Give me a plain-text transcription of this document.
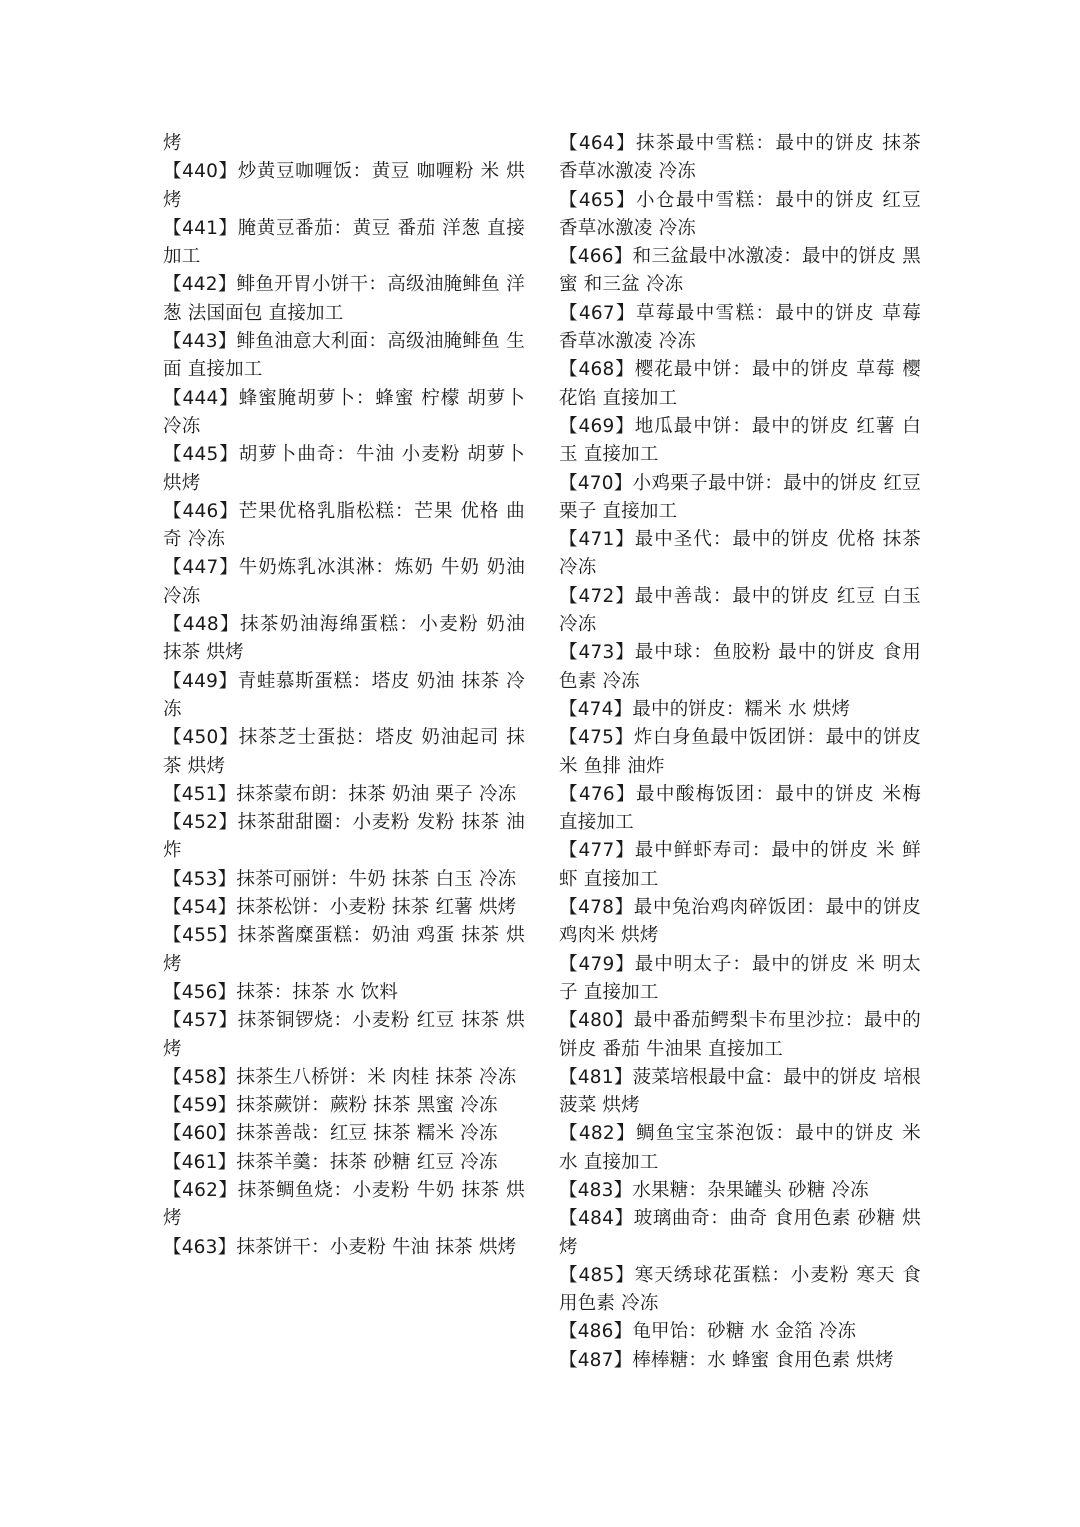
烤

【440】炒黄豆咖喱饭：黄豆 咖喱粉 米 烘烤

【441】腌黄豆番茄：黄豆 番茄 洋葱 直接加工

【442】鲱鱼开胃小饼干：高级油腌鲱鱼 洋葱 法国面包 直接加工

【443】鲱鱼油意大利面：高级油腌鲱鱼 生面 直接加工

【444】蜂蜜腌胡萝卜：蜂蜜 柠檬 胡萝卜 冷冻

【445】胡萝卜曲奇：牛油 小麦粉 胡萝卜 烘烤

【446】芒果优格乳脂松糕：芒果 优格 曲奇 冷冻

【447】牛奶炼乳冰淇淋：炼奶 牛奶 奶油 冷冻

【448】抹茶奶油海绵蛋糕：小麦粉 奶油 抹茶 烘烤

【449】青蛙慕斯蛋糕：塔皮 奶油 抹茶 冷冻

【450】抹茶芝士蛋挞：塔皮 奶油起司 抹茶 烘烤

【451】抹茶蒙布朗：抹茶 奶油 栗子 冷冻

【452】抹茶甜甜圈：小麦粉 发粉 抹茶 油炸

【453】抹茶可丽饼：牛奶 抹茶 白玉 冷冻

【454】抹茶松饼：小麦粉 抹茶 红薯 烘烤

【455】抹茶酱糜蛋糕：奶油 鸡蛋 抹茶 烘烤

【456】抹茶：抹茶 水 饮料

【457】抹茶铜锣烧：小麦粉 红豆 抹茶 烘烤

【458】抹茶生八桥饼：米 肉桂 抹茶 冷冻

【459】抹茶蕨饼：蕨粉 抹茶 黑蜜 冷冻

【460】抹茶善哉：红豆 抹茶 糯米 冷冻

【461】抹茶羊羹：抹茶 砂糖 红豆 冷冻

【462】抹茶鲷鱼烧：小麦粉 牛奶 抹茶 烘烤

【463】抹茶饼干：小麦粉 牛油 抹茶 烘烤

【464】抹茶最中雪糕：最中的饼皮 抹茶 香草冰激凌 冷冻

【465】小仓最中雪糕：最中的饼皮 红豆 香草冰激凌 冷冻

【466】和三盆最中冰激凌：最中的饼皮 黑蜜 和三盆 冷冻

【467】草莓最中雪糕：最中的饼皮 草莓 香草冰激凌 冷冻

【468】樱花最中饼：最中的饼皮 草莓 樱花馅 直接加工

【469】地瓜最中饼：最中的饼皮 红薯 白玉 直接加工

【470】小鸡栗子最中饼：最中的饼皮 红豆 栗子 直接加工

【471】最中圣代：最中的饼皮 优格 抹茶 冷冻

【472】最中善哉：最中的饼皮 红豆 白玉 冷冻

【473】最中球：鱼胶粉 最中的饼皮 食用色素 冷冻

【474】最中的饼皮：糯米 水 烘烤

【475】炸白身鱼最中饭团饼：最中的饼皮 米 鱼排 油炸

【476】最中酸梅饭团：最中的饼皮 米梅 直接加工

【477】最中鲜虾寿司：最中的饼皮 米 鲜虾 直接加工

【478】最中兔治鸡肉碎饭团：最中的饼皮 鸡肉米 烘烤

【479】最中明太子：最中的饼皮 米 明太子 直接加工

【480】最中番茄鳄梨卡布里沙拉：最中的饼皮 番茄 牛油果 直接加工

【481】菠菜培根最中盒：最中的饼皮 培根 菠菜 烘烤

【482】鲷鱼宝宝茶泡饭：最中的饼皮 米 水 直接加工

【483】水果糖：杂果罐头 砂糖 冷冻

【484】玻璃曲奇：曲奇 食用色素 砂糖 烘烤

【485】寒天绣球花蛋糕：小麦粉 寒天 食用色素 冷冻

【486】龟甲饴：砂糖 水 金箔 冷冻

【487】棒棒糖：水 蜂蜜 食用色素 烘烤
